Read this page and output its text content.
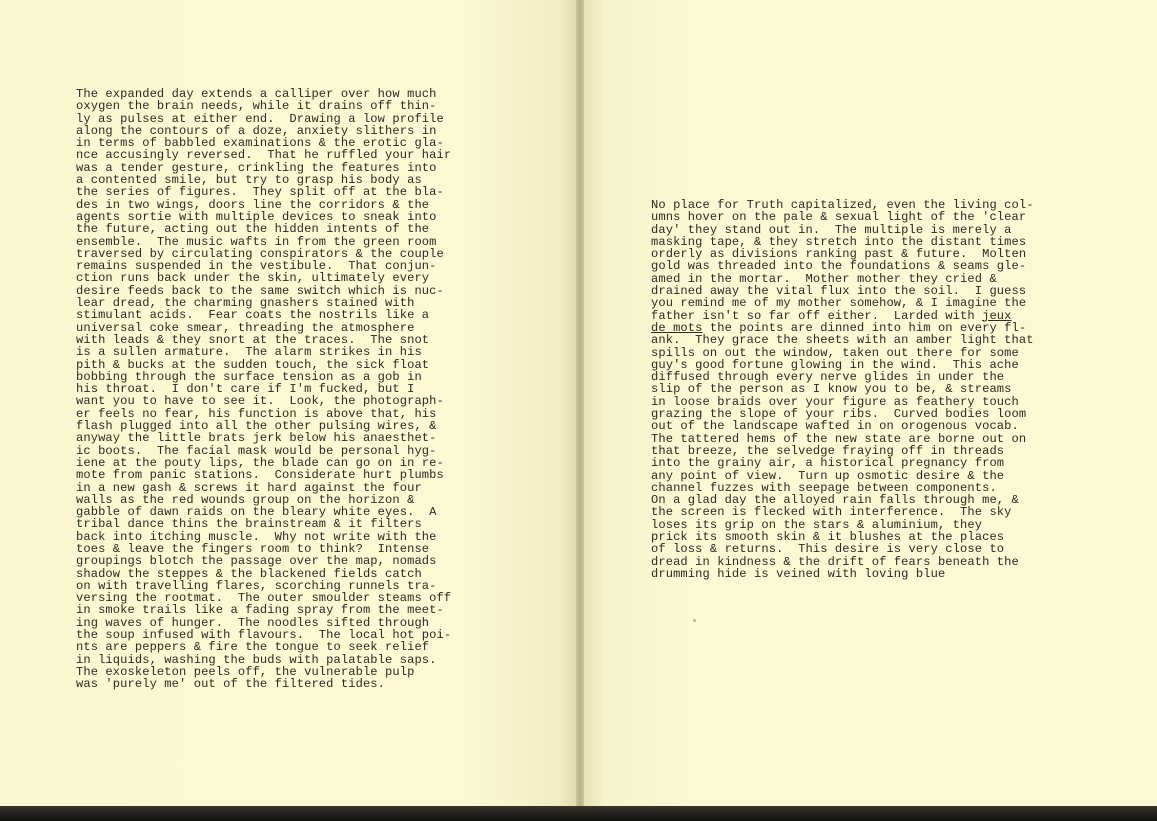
The expanded day extends a calliper over how much
oxygen the brain needs, while it drains off thin-
ly as pulses at either end.  Drawing a low profile
along the contours of a doze, anxiety slithers in
in terms of babbled examinations & the erotic gla-
nce accusingly reversed.  That he ruffled your hair
was a tender gesture, crinkling the features into
a contented smile, but try to grasp his body as
the series of figures.  They split off at the bla-
des in two wings, doors line the corridors & the
agents sortie with multiple devices to sneak into
the future, acting out the hidden intents of the
ensemble.  The music wafts in from the green room
traversed by circulating conspirators & the couple
remains suspended in the vestibule.  That conjun-
ction runs back under the skin, ultimately every
desire feeds back to the same switch which is nuc-
lear dread, the charming gnashers stained with
stimulant acids.  Fear coats the nostrils like a
universal coke smear, threading the atmosphere
with leads & they snort at the traces.  The snot
is a sullen armature.  The alarm strikes in his
pith & bucks at the sudden touch, the sick float
bobbing through the surface tension as a gob in
his throat.  I don't care if I'm fucked, but I
want you to have to see it.  Look, the photograph-
er feels no fear, his function is above that, his
flash plugged into all the other pulsing wires, &
anyway the little brats jerk below his anaesthet-
ic boots.  The facial mask would be personal hyg-
iene at the pouty lips, the blade can go on in re-
mote from panic stations.  Considerate hurt plumbs
in a new gash & screws it hard against the four
walls as the red wounds group on the horizon &
gabble of dawn raids on the bleary white eyes.  A
tribal dance thins the brainstream & it filters
back into itching muscle.  Why not write with the
toes & leave the fingers room to think?  Intense
groupings blotch the passage over the map, nomads
shadow the steppes & the blackened fields catch
on with travelling flares, scorching runnels tra-
versing the rootmat.  The outer smoulder steams off
in smoke trails like a fading spray from the meet-
ing waves of hunger.  The noodles sifted through
the soup infused with flavours.  The local hot poi-
nts are peppers & fire the tongue to seek relief
in liquids, washing the buds with palatable saps.
The exoskeleton peels off, the vulnerable pulp
was 'purely me' out of the filtered tides.
No place for Truth capitalized, even the living col-
umns hover on the pale & sexual light of the 'clear
day' they stand out in.  The multiple is merely a
masking tape, & they stretch into the distant times
orderly as divisions ranking past & future.  Molten
gold was threaded into the foundations & seams gle-
amed in the mortar.  Mother mother they cried &
drained away the vital flux into the soil.  I guess
you remind me of my mother somehow, & I imagine the
father isn't so far off either.  Larded with jeux
de mots the points are dinned into him on every fl-
ank.  They grace the sheets with an amber light that
spills on out the window, taken out there for some
guy's good fortune glowing in the wind.  This ache
diffused through every nerve glides in under the
slip of the person as I know you to be, & streams
in loose braids over your figure as feathery touch
grazing the slope of your ribs.  Curved bodies loom
out of the landscape wafted in on orogenous vocab.
The tattered hems of the new state are borne out on
that breeze, the selvedge fraying off in threads
into the grainy air, a historical pregnancy from
any point of view.  Turn up osmotic desire & the
channel fuzzes with seepage between components.
On a glad day the alloyed rain falls through me, &
the screen is flecked with interference.  The sky
loses its grip on the stars & aluminium, they
prick its smooth skin & it blushes at the places
of loss & returns.  This desire is very close to
dread in kindness & the drift of fears beneath the
drumming hide is veined with loving blue
